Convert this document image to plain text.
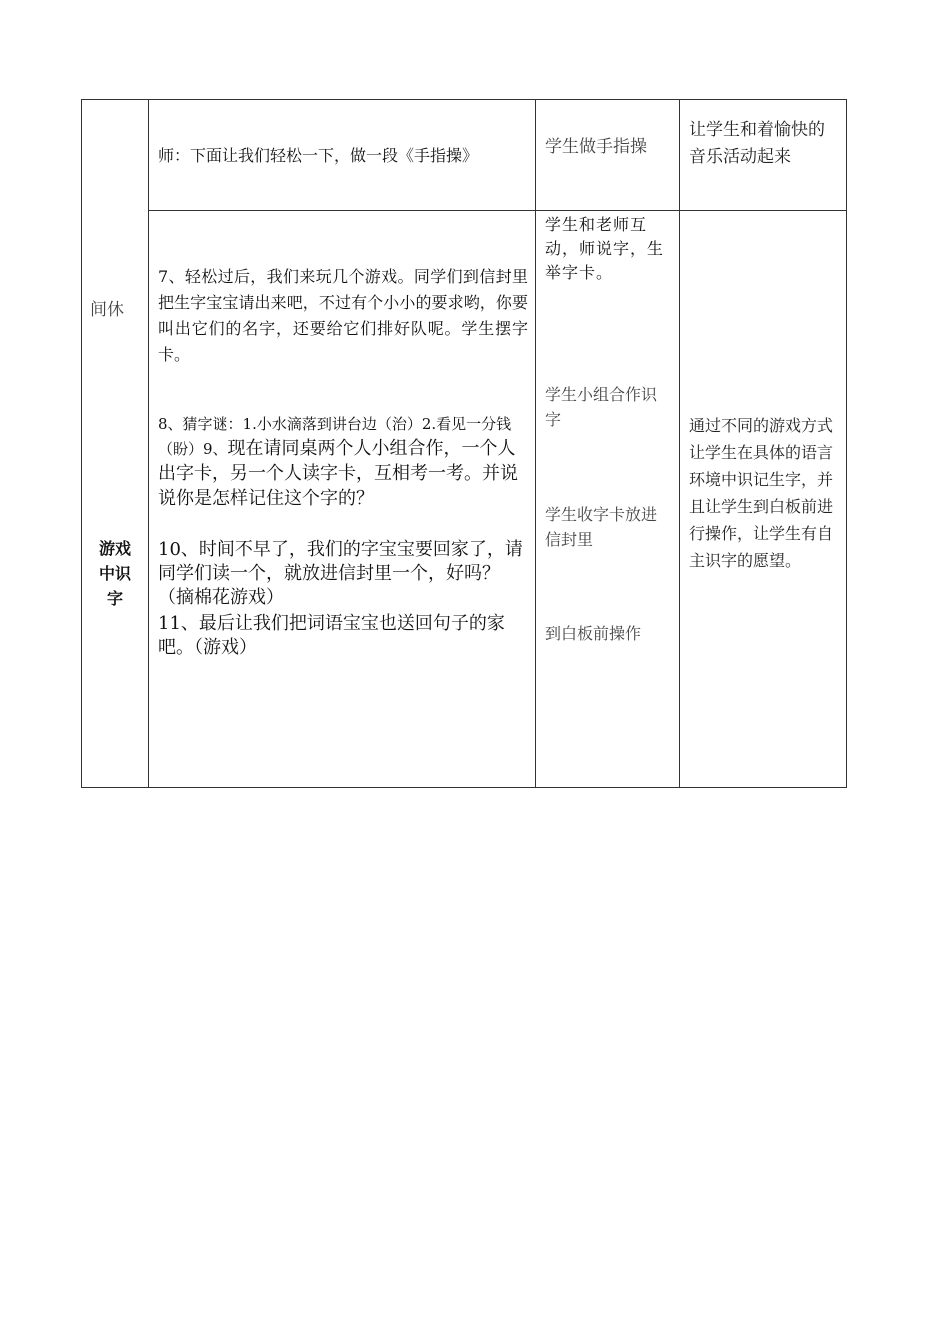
间休
游戏
中识
字
师：下面让我们轻松一下，做一段《手指操》	学生做手指操
让学生和着愉快的音乐活动起来
7、轻松过后，我们来玩几个游戏。同学们到信封里把生字宝宝请出来吧，不过有个小小的要求哟，你要叫出它们的名字，还要给它们排好队呢。学生摆字卡。
8、猜字谜：1.小水滴落到讲台边（治）2.看见一分钱（盼）9、现在请同桌两个人小组合作，一个人出字卡，另一个人读字卡，互相考一考。并说说你是怎样记住这个字的？
10、时间不早了，我们的字宝宝要回家了，请同学们读一个，就放进信封里一个，好吗？（摘棉花游戏）
11、最后让我们把词语宝宝也送回句子的家吧。（游戏）
学生和老师互动，师说字，生举字卡。
学生小组合作识字
学生收字卡放进信封里
到白板前操作
通过不同的游戏方式让学生在具体的语言环境中识记生字，并且让学生到白板前进行操作，让学生有自主识字的愿望。
